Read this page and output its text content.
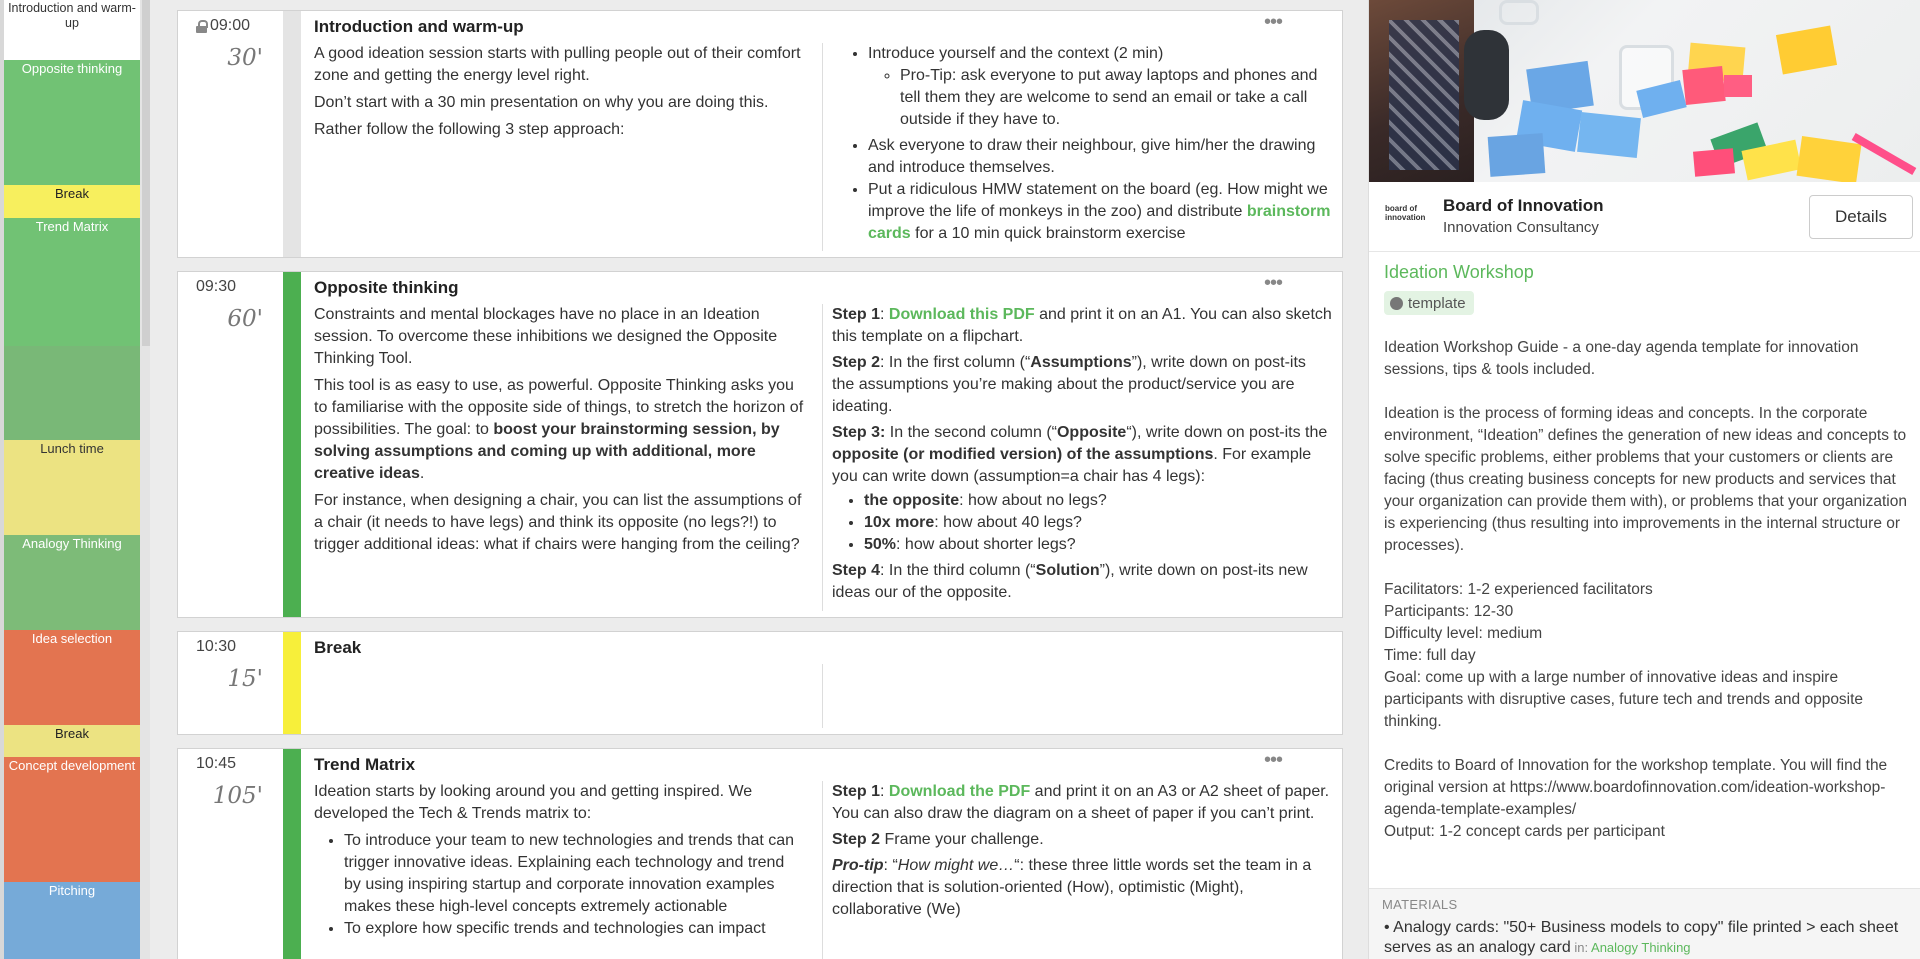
Introduction and warm-up
Opposite thinking
Break
Trend Matrix
Lunch time
Analogy Thinking
Idea selection
Break
Concept development
Pitching
09:00
30'
Introduction and warm-up	•••

A good ideation session starts with pulling people out of their comfort zone and getting the energy level right.

Don’t start with a 30 min presentation on why you are doing this.

Rather follow the following 3 step approach:

• Introduce yourself and the context (2 min)
◦ Pro-Tip: ask everyone to put away laptops and phones and tell them they are welcome to send an email or take a call outside if they have to.
• Ask everyone to draw their neighbour, give him/her the drawing and introduce themselves.
• Put a ridiculous HMW statement on the board (eg. How might we improve the life of monkeys in the zoo) and distribute brainstorm cards for a 10 min quick brainstorm exercise
09:30
60'
Opposite thinking	•••

Constraints and mental blockages have no place in an Ideation session. To overcome these inhibitions we designed the Opposite Thinking Tool.

This tool is as easy to use, as powerful. Opposite Thinking asks you to familiarise with the opposite side of things, to stretch the horizon of possibilities. The goal: to boost your brainstorming session, by solving assumptions and coming up with additional, more creative ideas.

For instance, when designing a chair, you can list the assumptions of a chair (it needs to have legs) and think its opposite (no legs?!) to trigger additional ideas: what if chairs were hanging from the ceiling?

Step 1: Download this PDF and print it on an A1. You can also sketch this template on a flipchart.

Step 2: In the first column (“Assumptions”), write down on post-its the assumptions you’re making about the product/service you are ideating.

Step 3: In the second column (“Opposite“), write down on post-its the opposite (or modified version) of the assumptions. For example you can write down (assumption=a chair has 4 legs):

• the opposite: how about no legs?
• 10x more: how about 40 legs?
• 50%: how about shorter legs?

Step 4: In the third column (“Solution”), write down on post-its new ideas our of the opposite.

10:30
15'
Break
10:45
105'
Trend Matrix	•••

Ideation starts by looking around you and getting inspired. We developed the Tech & Trends matrix to:

• To introduce your team to new technologies and trends that can trigger innovative ideas. Explaining each technology and trend by using inspiring startup and corporate innovation examples makes these high-level concepts extremely actionable
• To explore how specific trends and technologies can impact

Step 1: Download the PDF and print it on an A3 or A2 sheet of paper. You can also draw the diagram on a sheet of paper if you can’t print.

Step 2 Frame your challenge.

Pro-tip: “How might we…“: these three little words set the team in a direction that is solution-oriented (How), optimistic (Might), collaborative (We)

board of innovation
Board of Innovation
Innovation Consultancy
Details
Ideation Workshop
template

Ideation Workshop Guide - a one-day agenda template for innovation sessions, tips & tools included.

Ideation is the process of forming ideas and concepts. In the corporate environment, “Ideation” defines the generation of new ideas and concepts to solve specific problems, either problems that your customers or clients are facing (thus creating business concepts for new products and services that your organization can provide them with), or problems that your organization is experiencing (thus resulting into improvements in the internal structure or processes).

Facilitators: 1-2 experienced facilitators
Participants: 12-30
Difficulty level: medium
Time: full day
Goal: come up with a large number of innovative ideas and inspire participants with disruptive cases, future tech and trends and opposite thinking.

Credits to Board of Innovation for the workshop template. You will find the original version at https://www.boardofinnovation.com/ideation-workshop-agenda-template-examples/
Output: 1-2 concept cards per participant

MATERIALS
• Analogy cards: "50+ Business models to copy" file printed > each sheet serves as an analogy card in: Analogy Thinking
